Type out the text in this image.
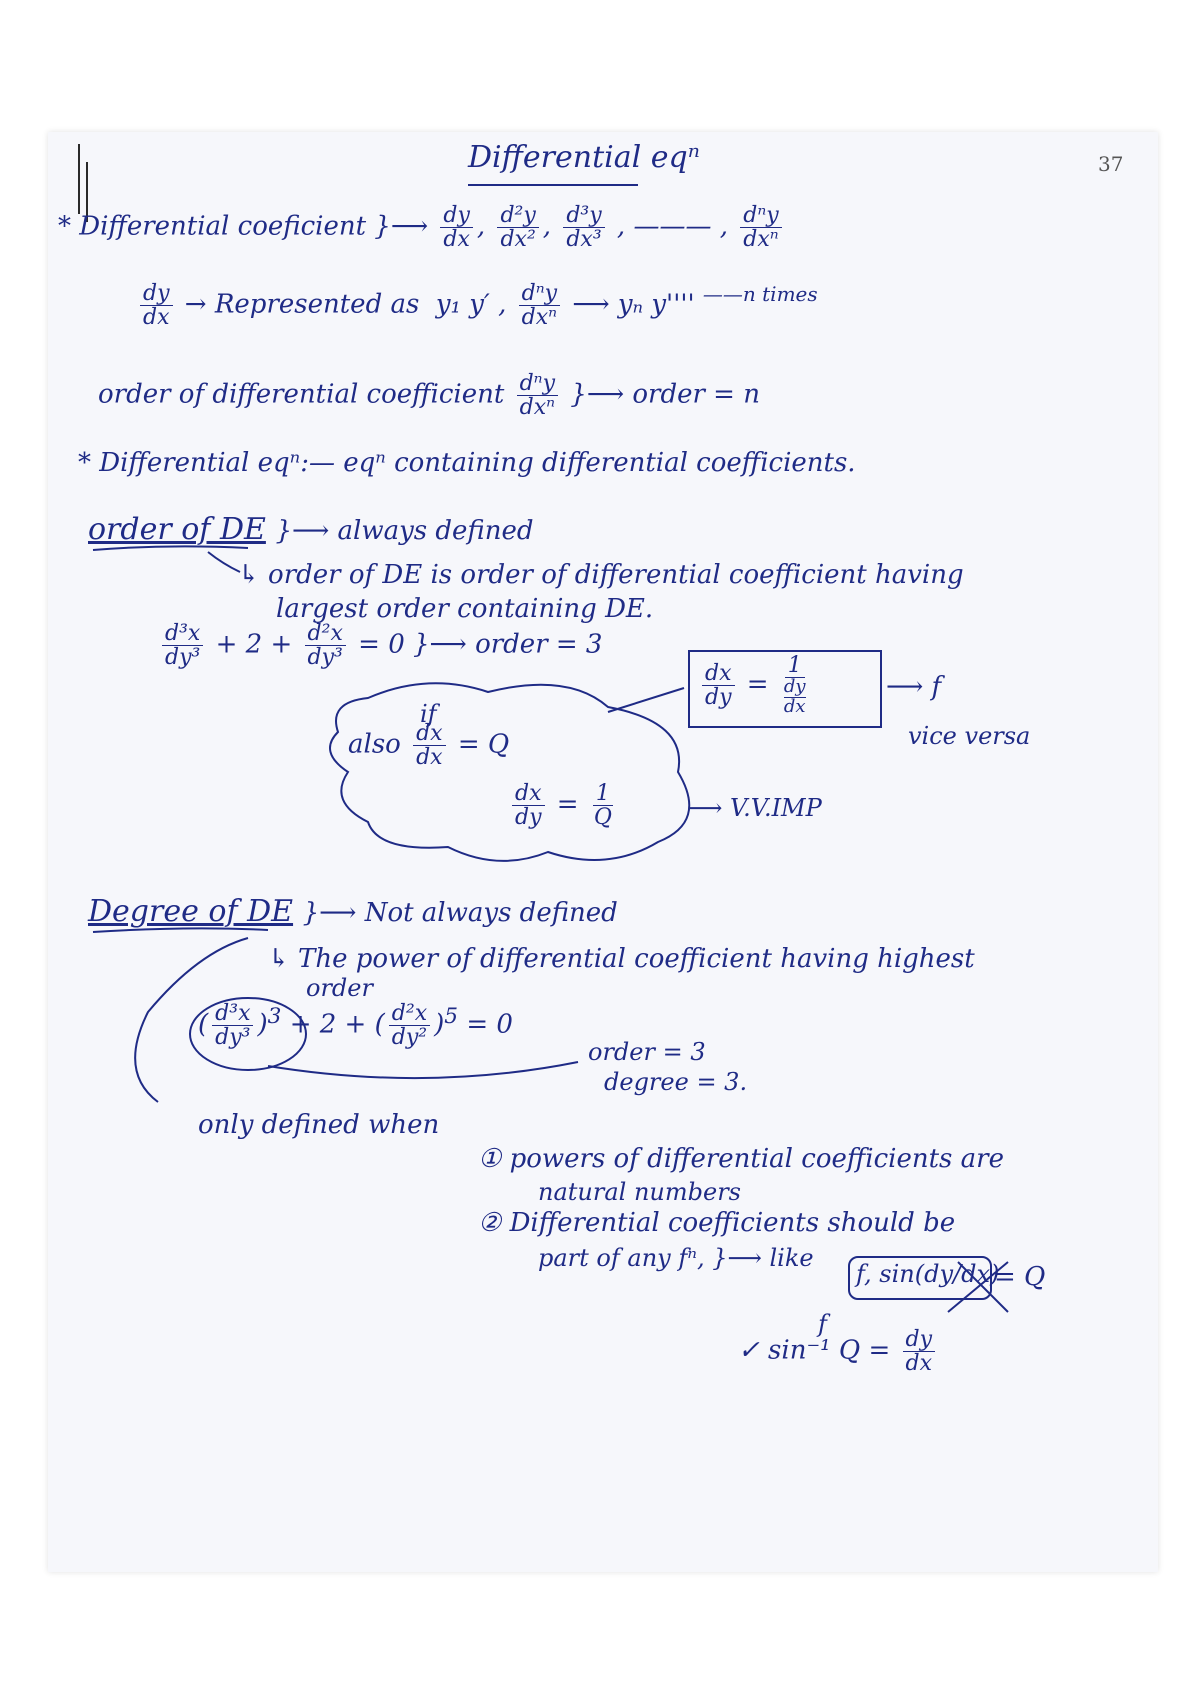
37
Differential eqⁿ
* Differential coeficient }⟶ $\frac{dy}{dx}$ , $\frac{\text{d²y}}{\text{dx²}}$ , $\frac{\text{d³y}}{\text{dx³}}$ , ——— , $\frac{\text{dⁿy}}{\text{dxⁿ}}$
$\frac{dy}{dx}$ → Represented as y₁ y′ , $\frac{\text{dⁿy}}{\text{dxⁿ}}$ ⟶ yₙ y'''' $^{——n times}$
order of differential coefficient $\frac{\text{dⁿy}}{\text{dxⁿ}}$ }⟶ order = n
* Differential eqⁿ:— eqⁿ containing differential coefficients.
order of DE }⟶ always defined
↳ order of DE is order of differential coefficient having
largest order containing DE.
$\frac{\text{d³x}}{\text{dy³}} + 2 + \frac{\text{d²x}}{\text{dy³}} = 0$ }⟶ order = 3
$\frac{dx}{dy} = 1$
dy
dx	⟶ f
vice versa
if
also $\frac{dx}{dx} = Q$
$\frac{dx}{dy} = \frac{1}{Q}$	⟶ V.V.IMP
Degree of DE }⟶ Not always defined
↳ The power of differential coefficient having highest
order
( $\frac{\text{d³x}}{\text{dy³}} )^3 + 2$ + ( $\frac{\text{d²x}}{\text{dy²}} )^5 = 0$
order = 3
degree = 3.
only defined when
① powers of differential coefficients are
natural numbers
② Differential coefficients should be
part of any fⁿ, }⟶ like
f, sin(dy/dx)
= Q
f
✓ sin⁻¹ $Q = \frac{dy}{dx}$
